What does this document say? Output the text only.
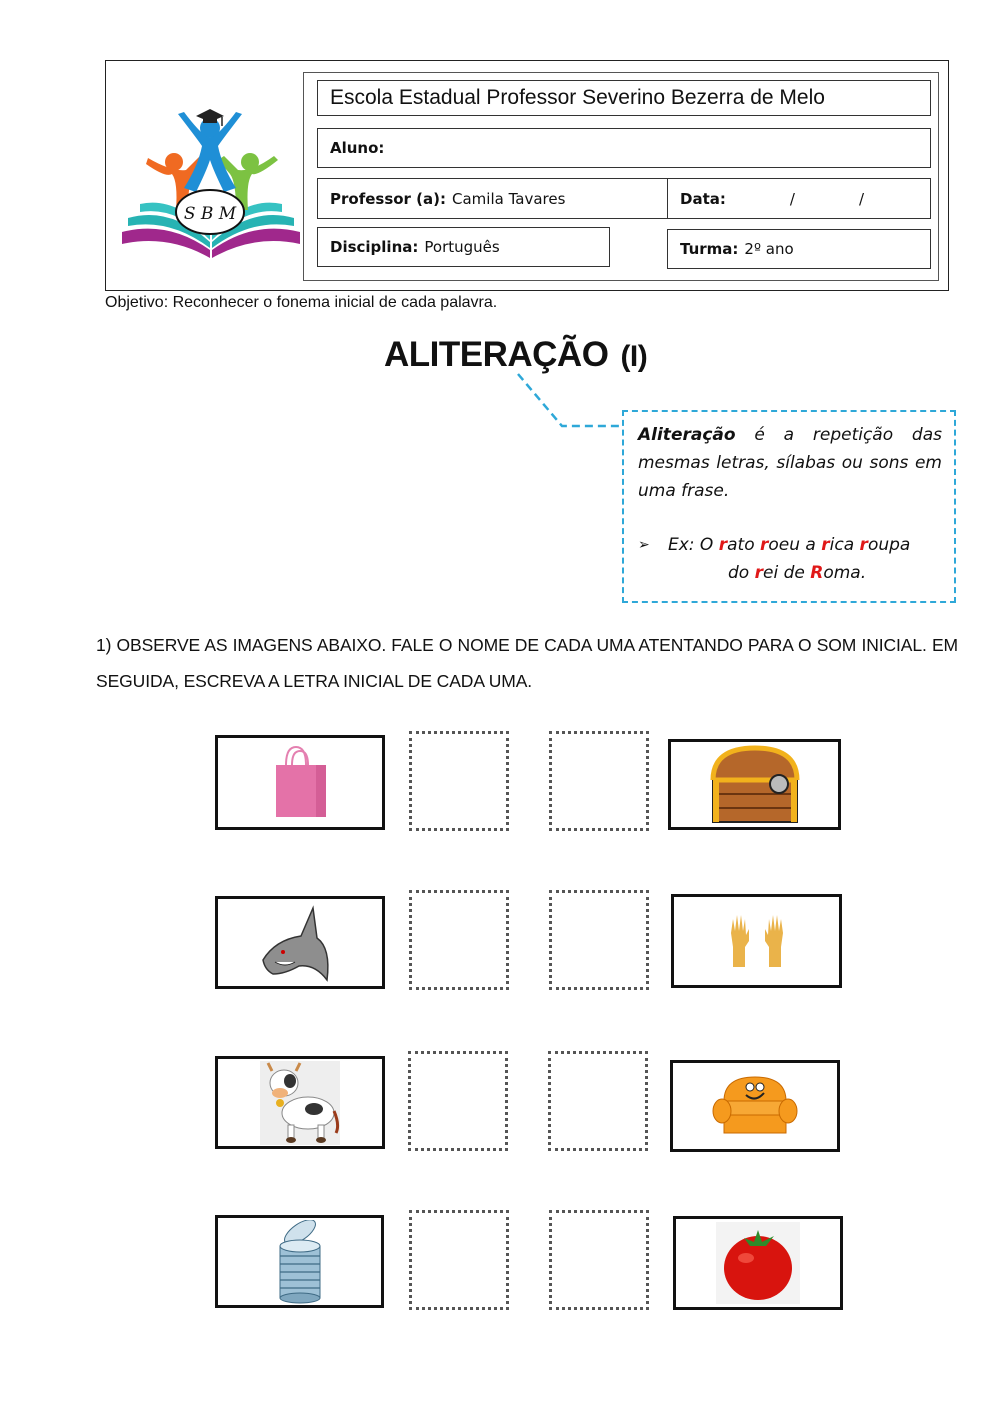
S B M
Escola Estadual Professor Severino Bezerra de Melo
Aluno:
Professor (a): Camila Tavares	Data:	/	/
Disciplina: Português	Turma: 2º ano
Objetivo: Reconhecer o fonema inicial de cada palavra.
ALITERAÇÃO (I)
Aliteração é a repetição das mesmas letras, sílabas ou sons em uma frase.
➢	Ex: O rato roeu a rica roupa
do rei de Roma.
1) OBSERVE AS IMAGENS ABAIXO. FALE O NOME DE CADA UMA ATENTANDO PARA O SOM INICIAL. EM SEGUIDA, ESCREVA A LETRA INICIAL DE CADA UMA.
